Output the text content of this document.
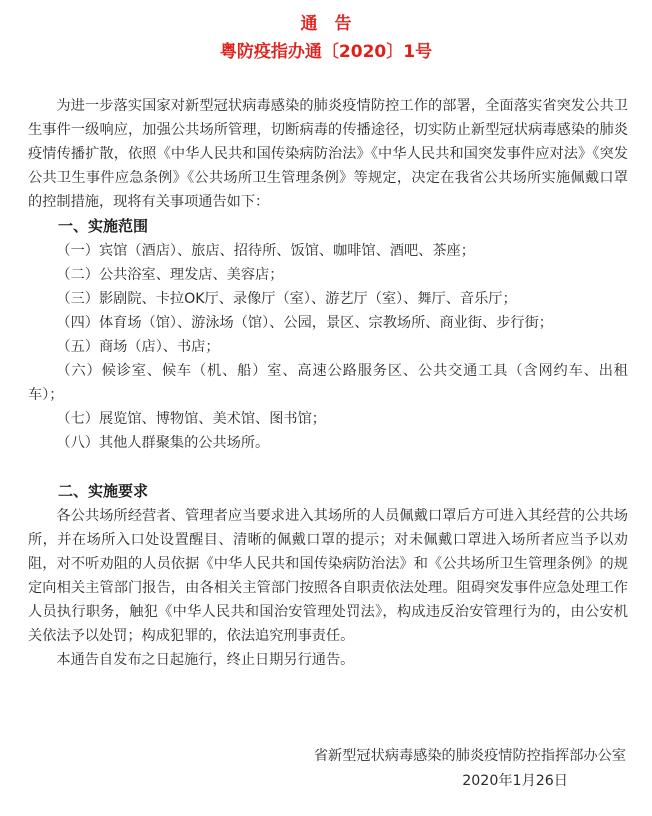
通　告
粤防疫指办通〔2020〕1号

为进一步落实国家对新型冠状病毒感染的肺炎疫情防控工作的部署，全面落实省突发公共卫生事件一级响应，加强公共场所管理，切断病毒的传播途径，切实防止新型冠状病毒感染的肺炎疫情传播扩散，依照《中华人民共和国传染病防治法》《中华人民共和国突发事件应对法》《突发公共卫生事件应急条例》《公共场所卫生管理条例》等规定，决定在我省公共场所实施佩戴口罩的控制措施，现将有关事项通告如下：

一、实施范围

（一）宾馆（酒店）、旅店、招待所、饭馆、咖啡馆、酒吧、茶座；

（二）公共浴室、理发店、美容店；

（三）影剧院、卡拉OK厅、录像厅（室）、游艺厅（室）、舞厅、音乐厅；

（四）体育场（馆）、游泳场（馆）、公园，景区、宗教场所、商业街、步行街；

（五）商场（店）、书店；

（六）候诊室、候车（机、船）室、高速公路服务区、公共交通工具（含网约车、出租车）；

（七）展览馆、博物馆、美术馆、图书馆；

（八）其他人群聚集的公共场所。

二、实施要求

各公共场所经营者、管理者应当要求进入其场所的人员佩戴口罩后方可进入其经营的公共场所，并在场所入口处设置醒目、清晰的佩戴口罩的提示；对未佩戴口罩进入场所者应当予以劝阻，对不听劝阻的人员依据《中华人民共和国传染病防治法》和《公共场所卫生管理条例》的规定向相关主管部门报告，由各相关主管部门按照各自职责依法处理。阻碍突发事件应急处理工作人员执行职务，触犯《中华人民共和国治安管理处罚法》，构成违反治安管理行为的，由公安机关依法予以处罚；构成犯罪的，依法追究刑事责任。

本通告自发布之日起施行，终止日期另行通告。

省新型冠状病毒感染的肺炎疫情防控指挥部办公室
2020年1月26日
